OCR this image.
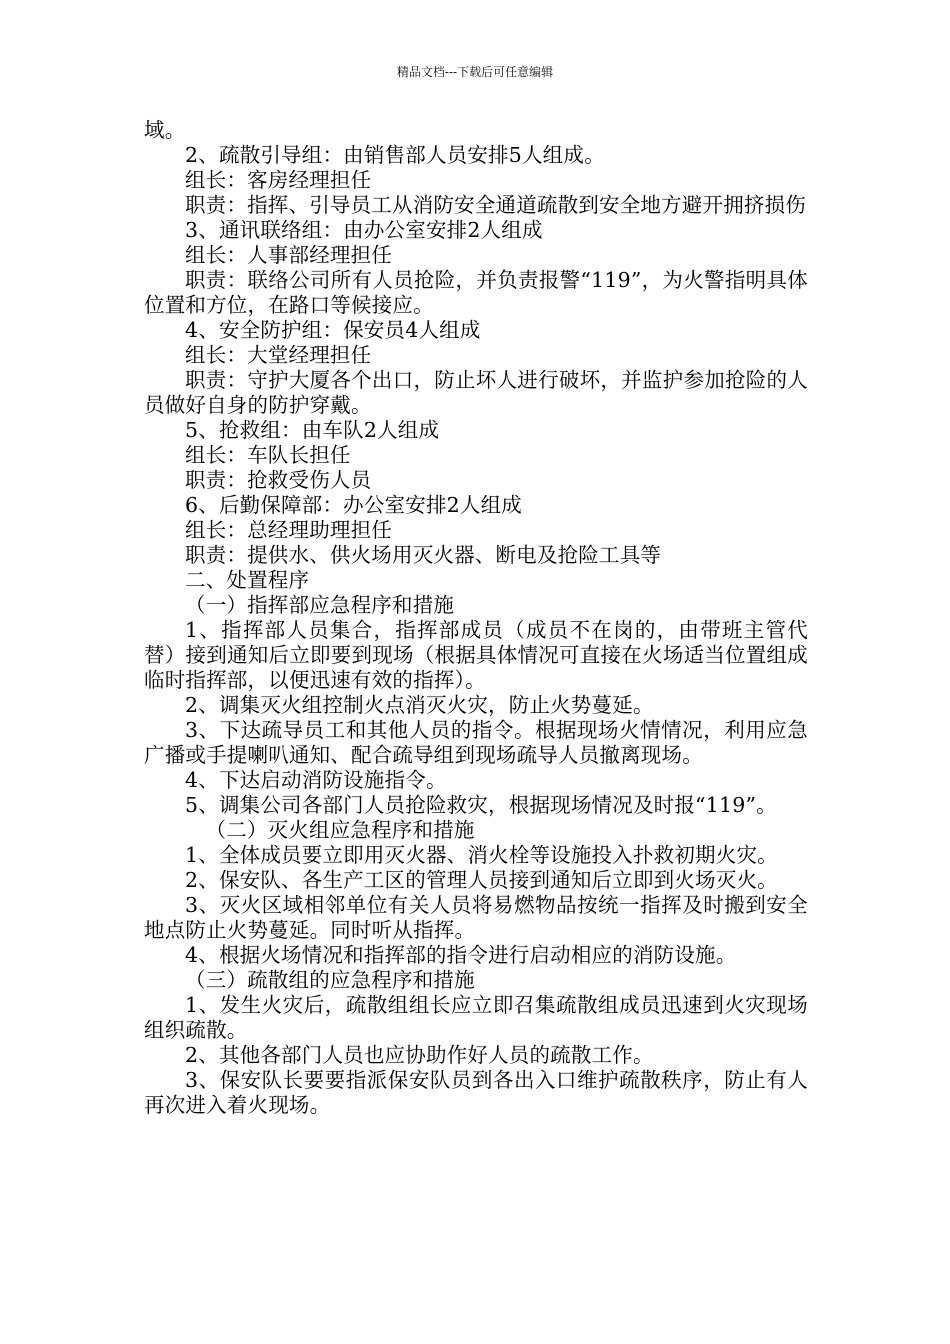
精品文档---下载后可任意编辑

域。

2、疏散引导组：由销售部人员安排5人组成。

组长：客房经理担任

职责：指挥、引导员工从消防安全通道疏散到安全地方避开拥挤损伤

3、通讯联络组：由办公室安排2人组成

组长：人事部经理担任

职责：联络公司所有人员抢险，并负责报警“119”，为火警指明具体位置和方位，在路口等候接应。

4、安全防护组：保安员4人组成

组长：大堂经理担任

职责：守护大厦各个出口，防止坏人进行破坏，并监护参加抢险的人员做好自身的防护穿戴。

5、抢救组：由车队2人组成

组长：车队长担任

职责：抢救受伤人员

6、后勤保障部：办公室安排2人组成

组长：总经理助理担任

职责：提供水、供火场用灭火器、断电及抢险工具等

二、处置程序

（一）指挥部应急程序和措施

1、指挥部人员集合，指挥部成员（成员不在岗的，由带班主管代替）接到通知后立即要到现场（根据具体情况可直接在火场适当位置组成临时指挥部，以便迅速有效的指挥）。

2、调集灭火组控制火点消灭火灾，防止火势蔓延。

3、下达疏导员工和其他人员的指令。根据现场火情情况，利用应急广播或手提喇叭通知、配合疏导组到现场疏导人员撤离现场。

4、下达启动消防设施指令。

5、调集公司各部门人员抢险救灾，根据现场情况及时报“119”。

（二）灭火组应急程序和措施

1、全体成员要立即用灭火器、消火栓等设施投入扑救初期火灾。

2、保安队、各生产工区的管理人员接到通知后立即到火场灭火。

3、灭火区域相邻单位有关人员将易燃物品按统一指挥及时搬到安全地点防止火势蔓延。同时听从指挥。

4、根据火场情况和指挥部的指令进行启动相应的消防设施。

（三）疏散组的应急程序和措施

1、发生火灾后，疏散组组长应立即召集疏散组成员迅速到火灾现场组织疏散。

2、其他各部门人员也应协助作好人员的疏散工作。

3、保安队长要要指派保安队员到各出入口维护疏散秩序，防止有人再次进入着火现场。
